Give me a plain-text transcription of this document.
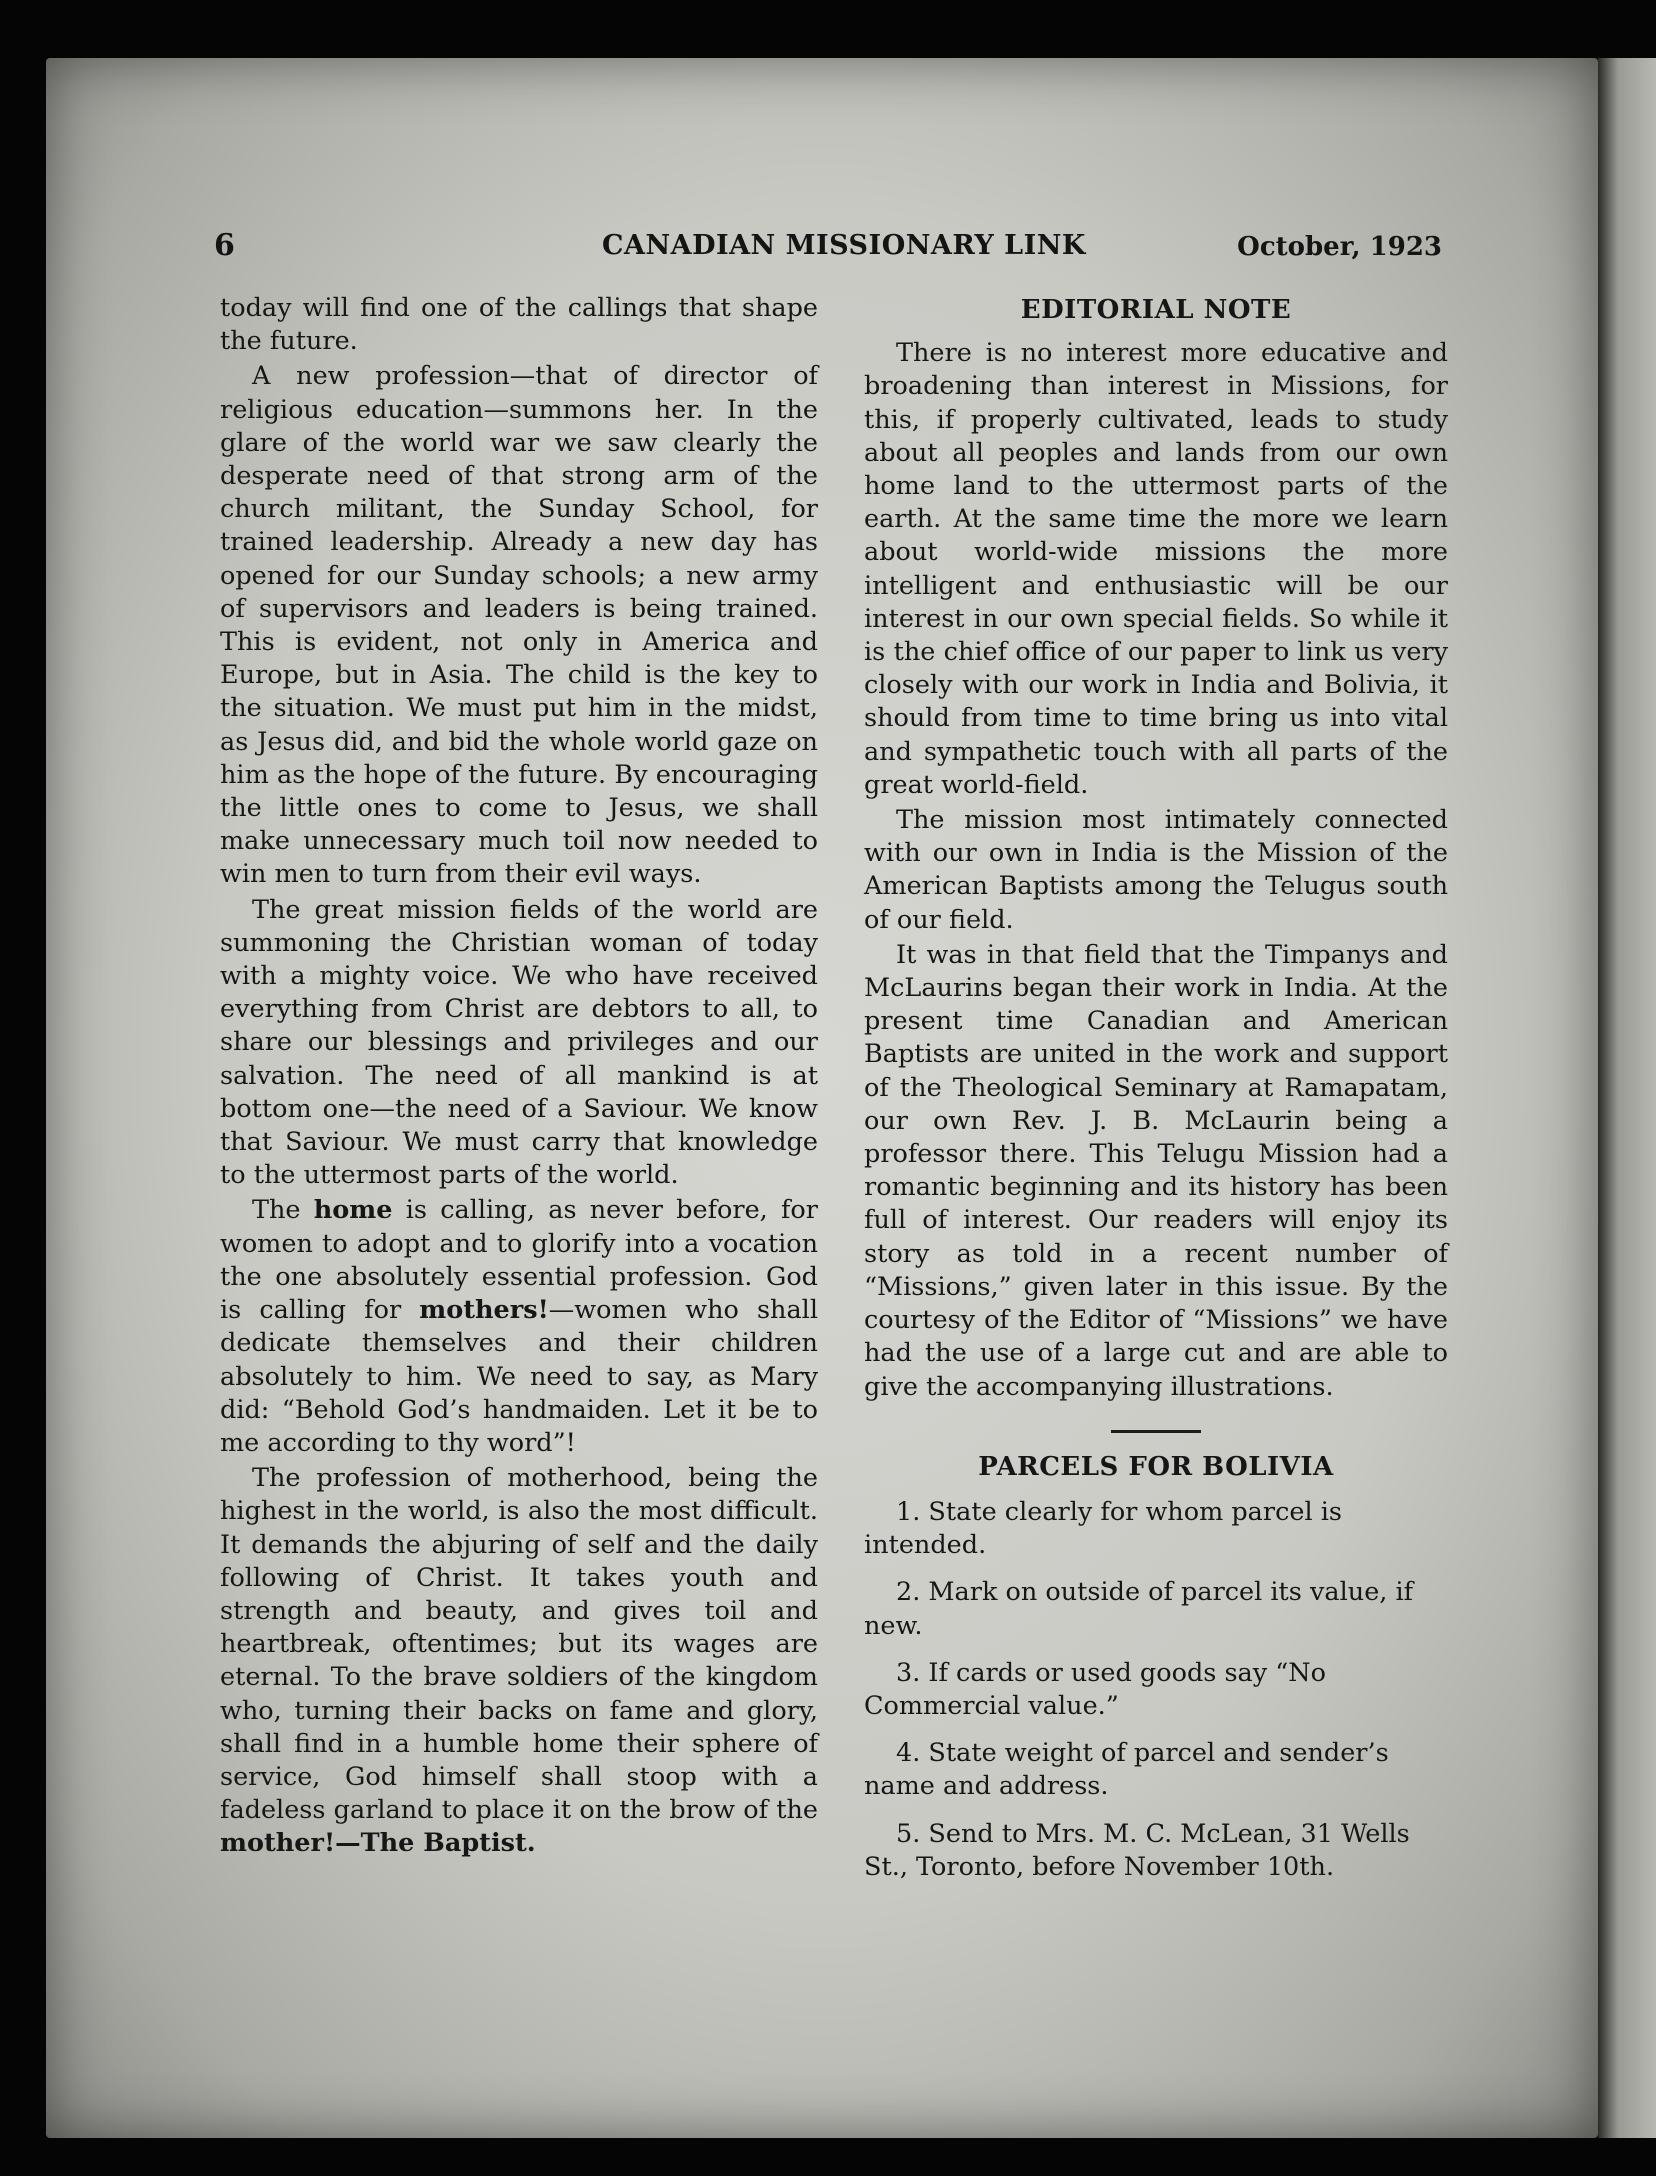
6	CANADIAN MISSIONARY LINK	October, 1923

today will find one of the callings that shape the future.

A new profession—that of director of religious education—summons her. In the glare of the world war we saw clearly the desperate need of that strong arm of the church militant, the Sunday School, for trained leadership. Already a new day has opened for our Sunday schools; a new army of supervisors and leaders is being trained. This is evident, not only in America and Europe, but in Asia. The child is the key to the situation. We must put him in the midst, as Jesus did, and bid the whole world gaze on him as the hope of the future. By encouraging the little ones to come to Jesus, we shall make unnecessary much toil now needed to win men to turn from their evil ways.

The great mission fields of the world are summoning the Christian woman of today with a mighty voice. We who have received everything from Christ are debtors to all, to share our blessings and privileges and our salvation. The need of all mankind is at bottom one—the need of a Saviour. We know that Saviour. We must carry that knowledge to the uttermost parts of the world.

The home is calling, as never before, for women to adopt and to glorify into a vocation the one absolutely essential profession. God is calling for mothers!—women who shall dedicate themselves and their children absolutely to him. We need to say, as Mary did: “Behold God’s handmaiden. Let it be to me according to thy word”!

The profession of motherhood, being the highest in the world, is also the most difficult. It demands the abjuring of self and the daily following of Christ. It takes youth and strength and beauty, and gives toil and heartbreak, oftentimes; but its wages are eternal. To the brave soldiers of the kingdom who, turning their backs on fame and glory, shall find in a humble home their sphere of service, God himself shall stoop with a fadeless garland to place it on the brow of the mother!—The Baptist.

EDITORIAL NOTE

There is no interest more educative and broadening than interest in Missions, for this, if properly cultivated, leads to study about all peoples and lands from our own home land to the uttermost parts of the earth. At the same time the more we learn about world-wide missions the more intelligent and enthusiastic will be our interest in our own special fields. So while it is the chief office of our paper to link us very closely with our work in India and Bolivia, it should from time to time bring us into vital and sympathetic touch with all parts of the great world-field.

The mission most intimately connected with our own in India is the Mission of the American Baptists among the Telugus south of our field.

It was in that field that the Timpanys and McLaurins began their work in India. At the present time Canadian and American Baptists are united in the work and support of the Theological Seminary at Ramapatam, our own Rev. J. B. McLaurin being a professor there. This Telugu Mission had a romantic beginning and its history has been full of interest. Our readers will enjoy its story as told in a recent number of “Missions,” given later in this issue. By the courtesy of the Editor of “Missions” we have had the use of a large cut and are able to give the accompanying illustrations.

PARCELS FOR BOLIVIA
1. State clearly for whom parcel is intended.
2. Mark on outside of parcel its value, if new.
3. If cards or used goods say “No Commercial value.”
4. State weight of parcel and sender’s name and address.
5. Send to Mrs. M. C. McLean, 31 Wells St., Toronto, before November 10th.
